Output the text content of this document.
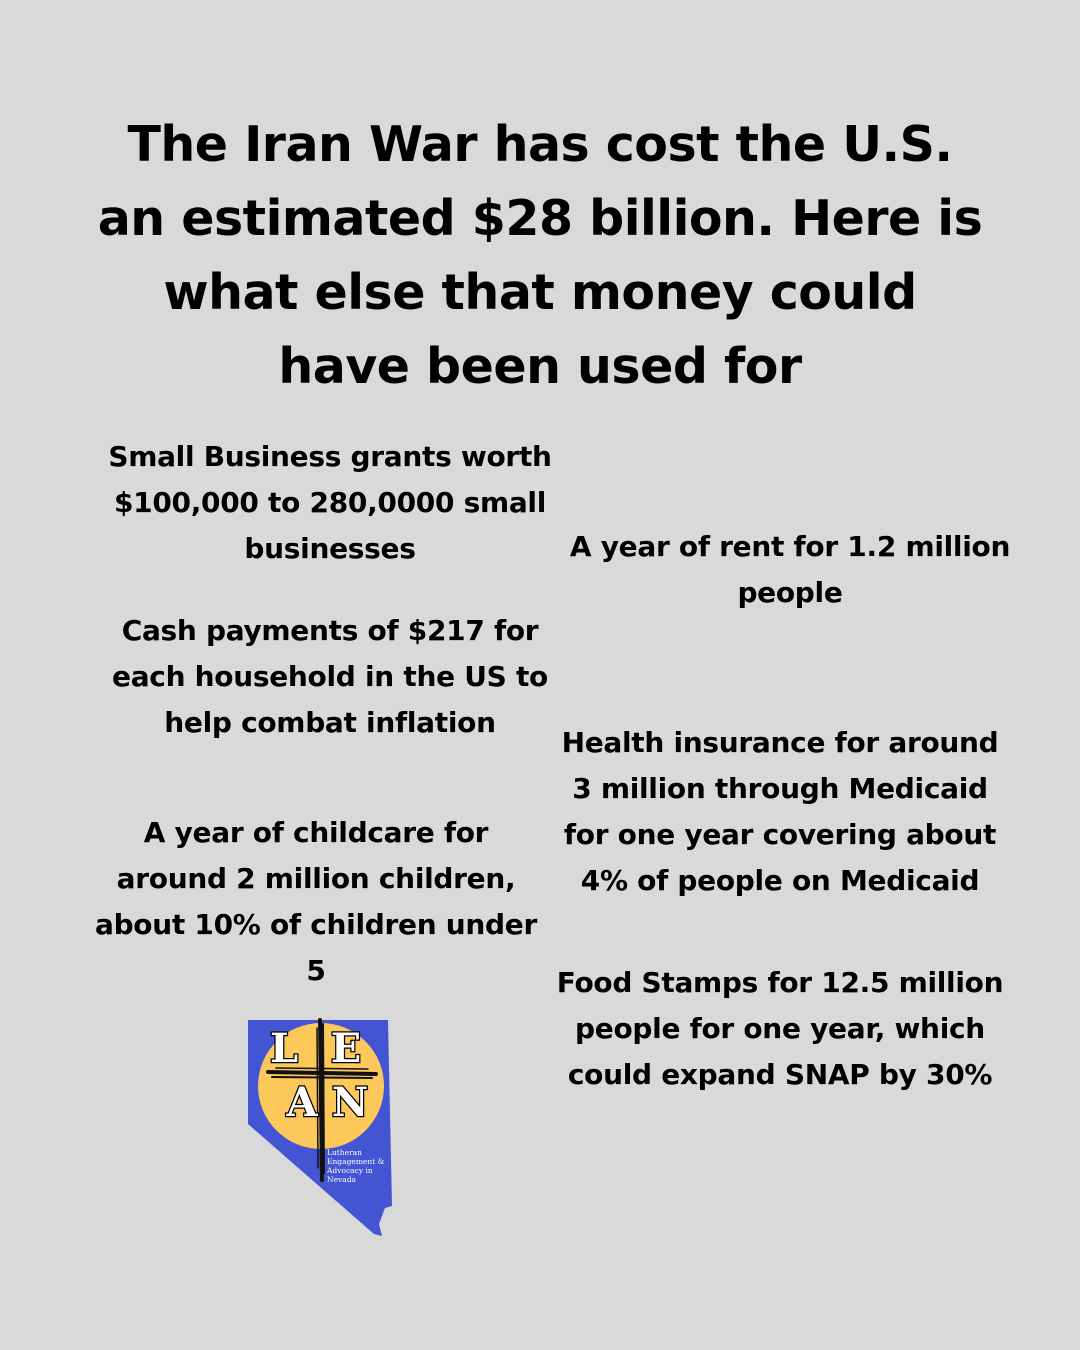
The Iran War has cost the U.S. an estimated $28 billion. Here is what else that money could have been used for
Small Business grants worth $100,000 to 280,0000 small businesses
Cash payments of $217 for each household in the US to help combat inflation
A year of childcare for around 2 million children, about 10% of children under 5
A year of rent for 1.2 million people
Health insurance for around 3 million through Medicaid for one year covering about 4% of people on Medicaid
Food Stamps for 12.5 million people for one year, which could expand SNAP by 30%
L E
A N
Lutheran
Engagement &
Advocacy in
Nevada
